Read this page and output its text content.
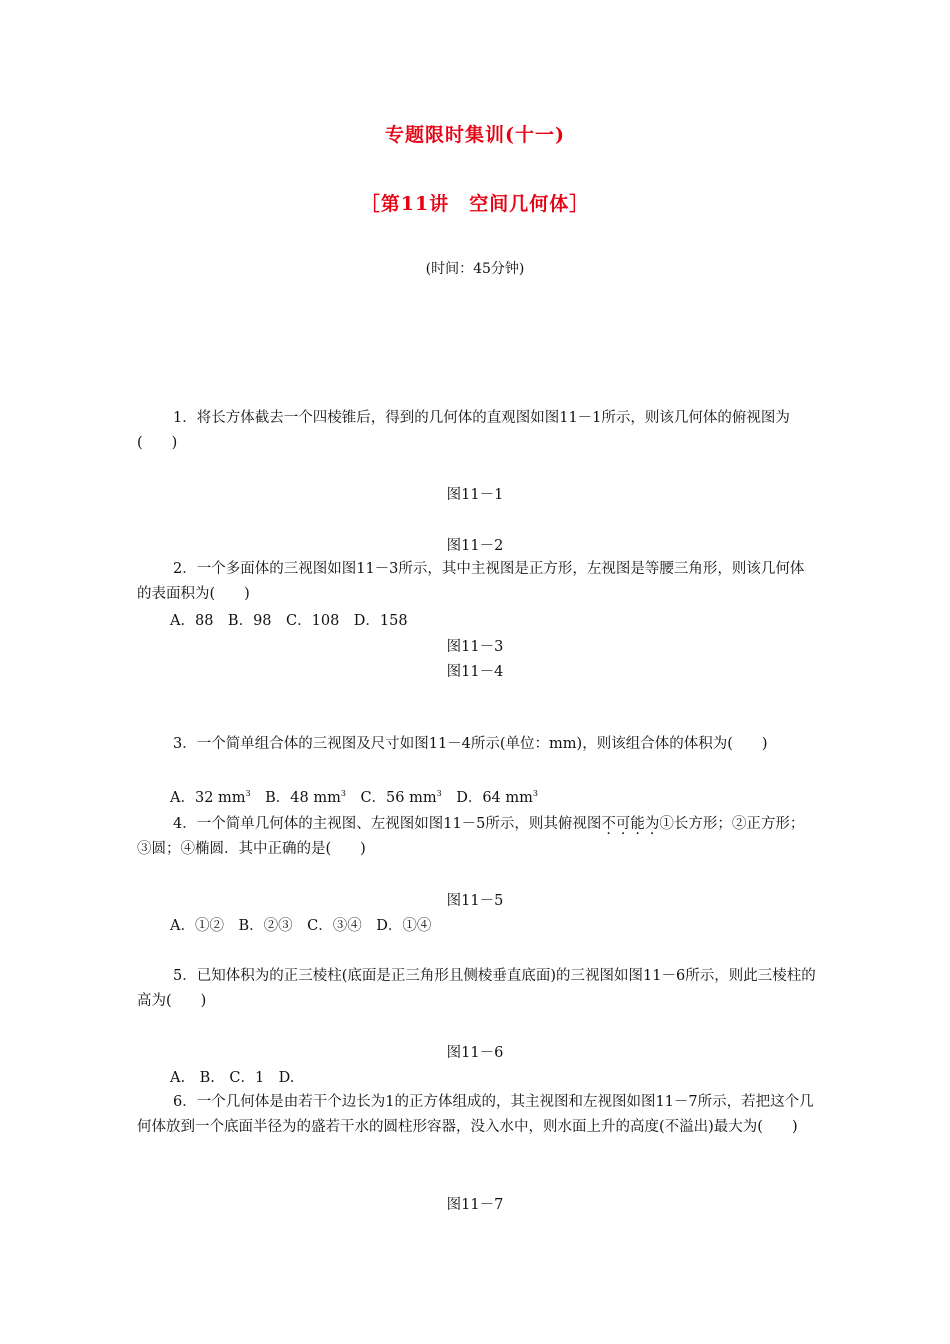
专题限时集训(十一)
［第11讲　空间几何体］
(时间：45分钟)
1．将长方体截去一个四棱锥后，得到的几何体的直观图如图11－1所示，则该几何体的俯视图为(　　)
图11－1
图11－2
2．一个多面体的三视图如图11－3所示，其中主视图是正方形，左视图是等腰三角形，则该几何体的表面积为(　　)
A．88　B．98　C．108　D．158
图11－3
图11－4
3．一个简单组合体的三视图及尺寸如图11－4所示(单位：mm)，则该组合体的体积为(　　)
A．32 $mm^3$　 B．48 $mm^3$　 C．56 $mm^3$　 D．64 $mm^3$
4．一个简单几何体的主视图、左视图如图11－5所示，则其俯视图不可能为①长方形；②正方形；③圆；④椭圆．其中正确的是(　　)
图11－5
A．①②　B．②③　C．③④　D．①④
5．已知体积为的正三棱柱(底面是正三角形且侧棱垂直底面)的三视图如图11－6所示，则此三棱柱的高为(　　)
图11－6
A.　B.　C．1　D.
6．一个几何体是由若干个边长为1的正方体组成的，其主视图和左视图如图11－7所示，若把这个几何体放到一个底面半径为的盛若干水的圆柱形容器，没入水中，则水面上升的高度(不溢出)最大为(　　)
图11－7
